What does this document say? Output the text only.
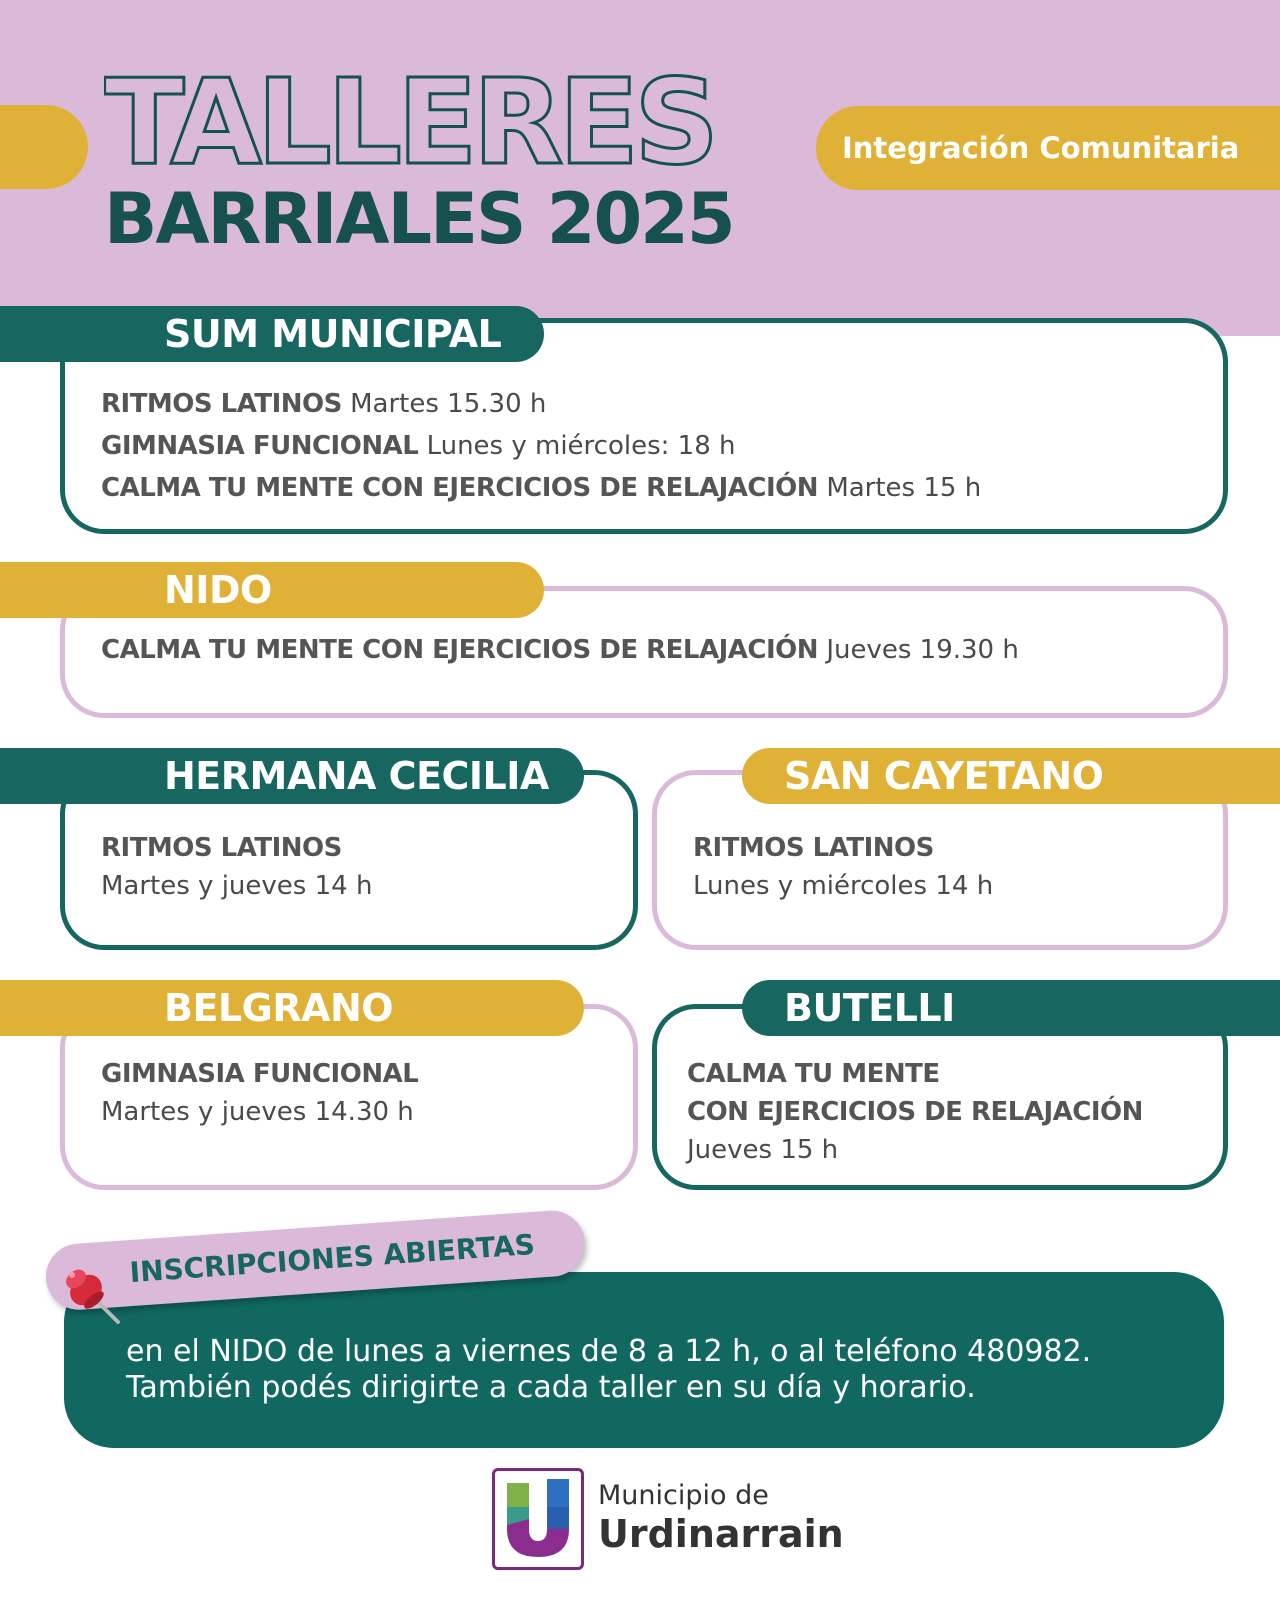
TALLERES
BARRIALES 2025
Integración Comunitaria
RITMOS LATINOS Martes 15.30 h
GIMNASIA FUNCIONAL Lunes y miércoles: 18 h
CALMA TU MENTE CON EJERCICIOS DE RELAJACIÓN Martes 15 h
SUM MUNICIPAL
CALMA TU MENTE CON EJERCICIOS DE RELAJACIÓN Jueves 19.30 h
NIDO
RITMOS LATINOS
Martes y jueves 14 h
HERMANA CECILIA
RITMOS LATINOS
Lunes y miércoles 14 h
SAN CAYETANO
GIMNASIA FUNCIONAL
Martes y jueves 14.30 h
BELGRANO
CALMA TU MENTE
CON EJERCICIOS DE RELAJACIÓN
Jueves 15 h
BUTELLI
en el NIDO de lunes a viernes de 8 a 12 h, o al teléfono 480982.
También podés dirigirte a cada taller en su día y horario.
INSCRIPCIONES ABIERTAS
Municipio de
Urdinarrain
